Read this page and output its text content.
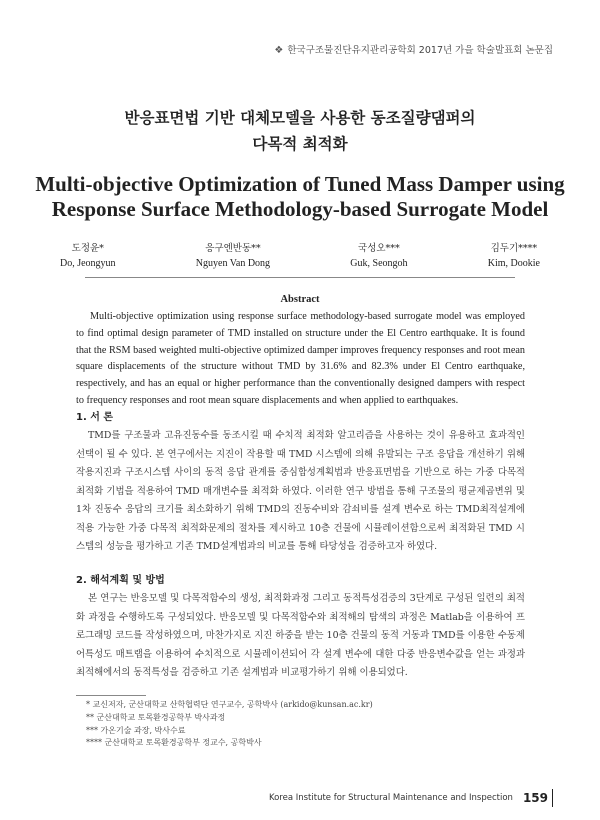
❖ 한국구조물진단유지관리공학회 2017년 가을 학술발표회 논문집
반응표면법 기반 대체모델을 사용한 동조질량댐퍼의
다목적 최적화
Multi-objective Optimization of Tuned Mass Damper using
Response Surface Methodology-based Surrogate Model
도정윤*
Do, Jeongyun
응구엔반동**
Nguyen Van Dong
국성오***
Guk, Seongoh
김두기****
Kim, Dookie
Abstract

Multi-objective optimization using response surface methodology-based surrogate model was employed to find optimal design parameter of TMD installed on structure under the El Centro earthquake. It is found that the RSM based weighted multi-objective optimized damper improves frequency responses and root mean square displacements of the structure without TMD by 31.6% and 82.3% under El Centro earthquake, respectively, and has an equal or higher performance than the conventionally designed dampers with respect to frequency responses and root mean square displacements and when applied to earthquakes.

1. 서 론

TMD를 구조물과 고유진동수를 동조시킬 때 수치적 최적화 알고리즘을 사용하는 것이 유용하고 효과적인 선택이 될 수 있다. 본 연구에서는 지진이 작용할 때 TMD 시스템에 의해 유발되는 구조 응답을 개선하기 위해 작용지진과 구조시스템 사이의 동적 응답 관계를 중심합성계획법과 반응표면법을 기반으로 하는 가중 다목적 최적화 기법을 적용하여 TMD 매개변수를 최적화 하였다. 이러한 연구 방법을 통해 구조물의 평균제곱변위 및 1차 진동수 응답의 크기를 최소화하기 위해 TMD의 진동수비와 감쇠비를 설계 변수로 하는 TMD최적설계에 적용 가능한 가중 다목적 최적화문제의 절차를 제시하고 10층 건물에 시뮬레이션함으로써 최적화된 TMD 시스템의 성능을 평가하고 기존 TMD설계법과의 비교를 통해 타당성을 검증하고자 하였다.

2. 해석계획 및 방법

본 연구는 반응모델 및 다목적함수의 생성, 최적화과정 그리고 동적특성검증의 3단계로 구성된 일련의 최적화 과정을 수행하도록 구성되었다. 반응모델 및 다목적함수와 최적해의 탐색의 과정은 Matlab을 이용하여 프로그래밍 코드를 작성하였으며, 마찬가지로 지진 하중을 받는 10층 건물의 동적 거동과 TMD를 이용한 수동제어특성도 매트랩을 이용하여 수치적으로 시뮬레이션되어 각 설계 변수에 대한 다중 반응변수값을 얻는 과정과 최적해에서의 동적특성을 검증하고 기존 설계법과 비교평가하기 위해 이용되었다.

* 교신저자, 군산대학교 산학협력단 연구교수, 공학박사 (arkido@kunsan.ac.kr)
** 군산대학교 토목환경공학부 박사과정
*** 가온기술 과장, 박사수료
**** 군산대학교 토목환경공학부 정교수, 공학박사
Korea Institute for Structural Maintenance and Inspection 159
